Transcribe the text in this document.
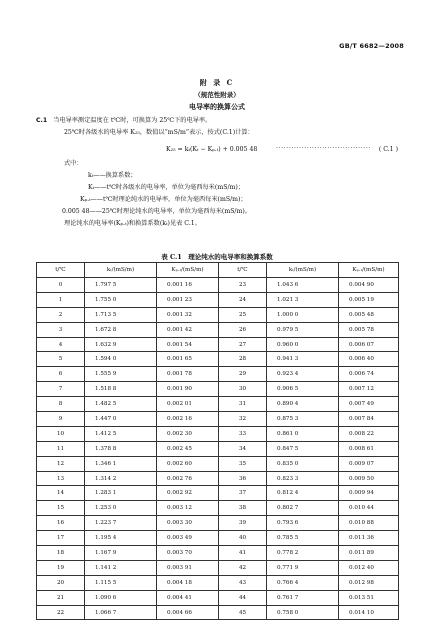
GB/T 6682—2008
附 录 C
（规范性附录）
电导率的换算公式
C.1 当电导率测定温度在 t℃时，可换算为 25℃下的电导率。
25℃时各级水的电导率 K₂₅，数值以“mS/m”表示，按式(C.1)计算：
K₂₅ = kₜ(Kₜ − Kₚ.ₜ) + 0.005 48	····································· ( C.1 )
式中：
kₜ——换算系数；
Kₜ——t℃时各级水的电导率，单位为毫西每米(mS/m)；
Kₚ.ₜ——t℃时理论纯水的电导率，单位为毫西每米(mS/m)；
0.005 48——25℃时理论纯水的电导率，单位为毫西每米(mS/m)。
理论纯水的电导率(Kₚ.ₜ)和换算系数(kₜ)见表 C.1。
表 C.1　理论纯水的电导率和换算系数
t/℃	kₜ/(mS/m)	Kₚ.ₜ/(mS/m)	t/℃	kₜ/(mS/m)	Kₚ.ₜ/(mS/m)
0	1.797 5	0.001 16	23	1.043 6	0.004 90
1	1.755 0	0.001 23	24	1.021 3	0.005 19
2	1.713 5	0.001 32	25	1.000 0	0.005 48
3	1.672 8	0.001 42	26	0.979 5	0.005 78
4	1.632 9	0.001 54	27	0.960 0	0.006 07
5	1.594 0	0.001 65	28	0.941 3	0.006 40
6	1.555 9	0.001 78	29	0.923 4	0.006 74
7	1.518 8	0.001 90	30	0.906 5	0.007 12
8	1.482 5	0.002 01	31	0.890 4	0.007 49
9	1.447 0	0.002 16	32	0.875 3	0.007 84
10	1.412 5	0.002 30	33	0.861 0	0.008 22
11	1.378 8	0.002 45	34	0.847 5	0.008 61
12	1.346 1	0.002 60	35	0.835 0	0.009 07
13	1.314 2	0.002 76	36	0.823 3	0.009 50
14	1.283 1	0.002 92	37	0.812 4	0.009 94
15	1.253 0	0.003 12	38	0.802 7	0.010 44
16	1.223 7	0.003 30	39	0.793 6	0.010 88
17	1.195 4	0.003 49	40	0.785 5	0.011 36
18	1.167 9	0.003 70	41	0.778 2	0.011 89
19	1.141 2	0.003 91	42	0.771 9	0.012 40
20	1.115 5	0.004 18	43	0.766 4	0.012 98
21	1.090 6	0.004 41	44	0.761 7	0.013 51
22	1.066 7	0.004 66	45	0.758 0	0.014 10
